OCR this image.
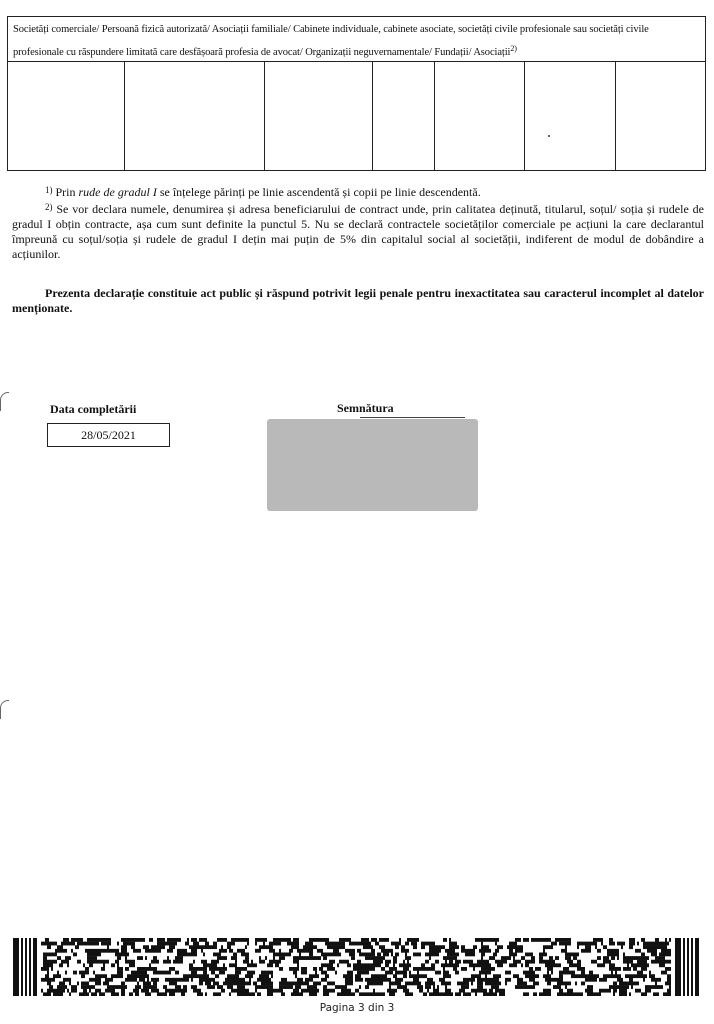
Societăți comerciale/ Persoană fizică autorizată/ Asociații familiale/ Cabinete individuale, cabinete asociate, societăți civile profesionale sau societăți civile profesionale cu răspundere limitată care desfășoară profesia de avocat/ Organizații neguvernamentale/ Fundații/ Asociații$^{2)}$

$^{1)}$ Prin rude de gradul I se înțelege părinți pe linie ascendentă și copii pe linie descendentă.

$^{2)}$ Se vor declara numele, denumirea și adresa beneficiarului de contract unde, prin calitatea deținută, titularul, soțul/ soția și rudele de gradul I obțin contracte, așa cum sunt definite la punctul 5. Nu se declară contractele societăților comerciale pe acțiuni la care declarantul împreună cu soțul/soția și rudele de gradul I dețin mai puțin de 5% din capitalul social al societății, indiferent de modul de dobândire a acțiunilor.

Prezenta declarație constituie act public și răspund potrivit legii penale pentru inexactitatea sau caracterul incomplet al datelor menționate.
Data completării
28/05/2021
Semnătura
Pagina 3 din 3
